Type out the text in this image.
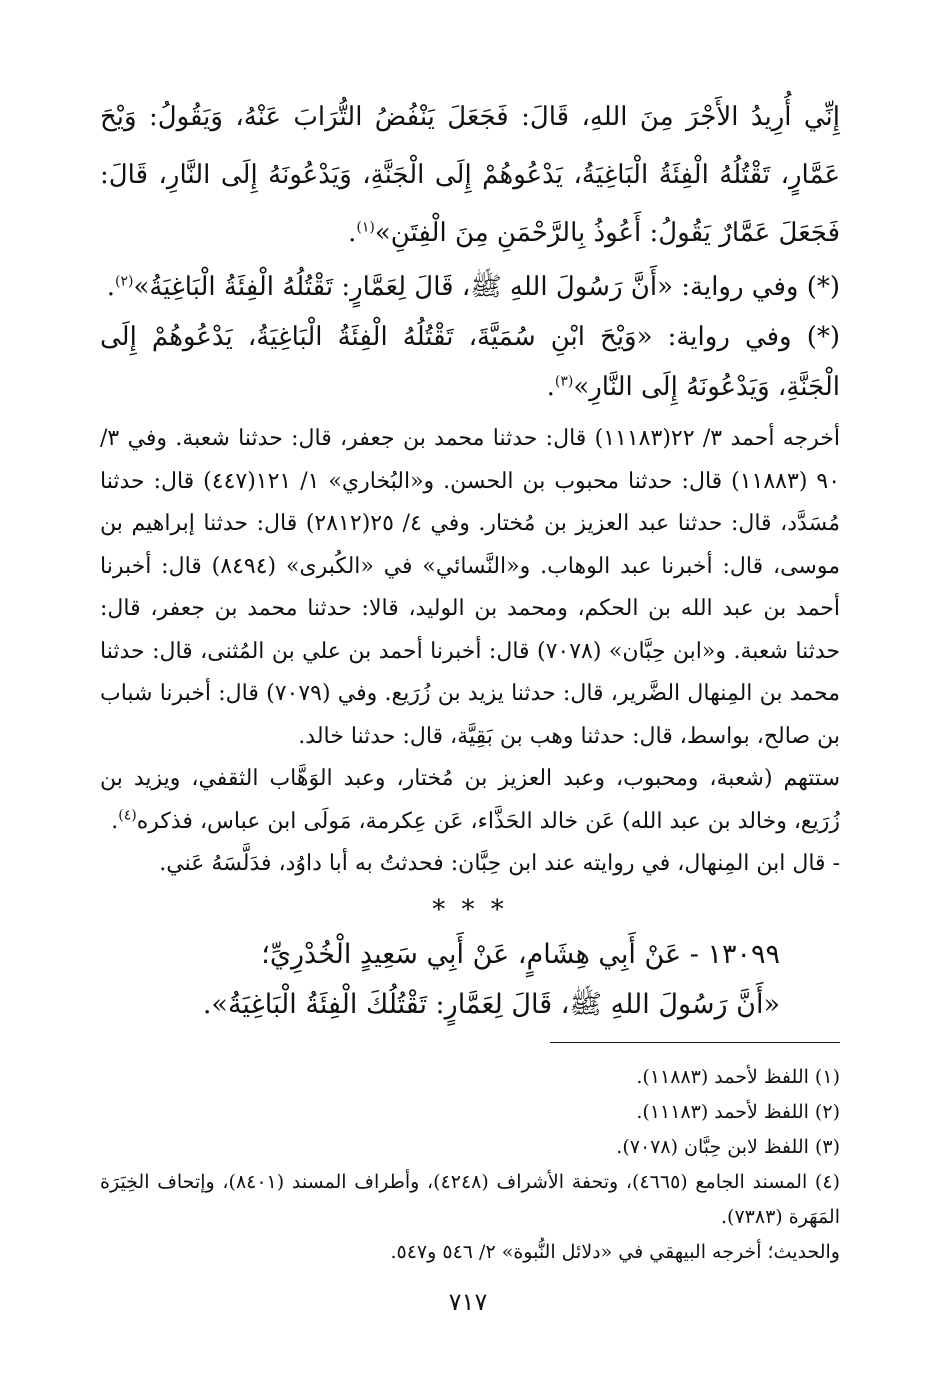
إِنِّي أُرِيدُ الأَجْرَ مِنَ اللهِ، قَالَ: فَجَعَلَ يَنْفُضُ التُّرَابَ عَنْهُ، وَيَقُولُ: وَيْحَ عَمَّارٍ، تَقْتُلُهُ الْفِئَةُ الْبَاغِيَةُ، يَدْعُوهُمْ إِلَى الْجَنَّةِ، وَيَدْعُونَهُ إِلَى النَّارِ، قَالَ: فَجَعَلَ عَمَّارٌ يَقُولُ: أَعُوذُ بِالرَّحْمَنِ مِنَ الْفِتَنِ»$^{(١)}$.

(*) وفي رواية: «أَنَّ رَسُولَ اللهِ ﷺ، قَالَ لِعَمَّارٍ: تَقْتُلُهُ الْفِئَةُ الْبَاغِيَةُ»$^{(٢)}$.

(*) وفي رواية: «وَيْحَ ابْنِ سُمَيَّةَ، تَقْتُلُهُ الْفِئَةُ الْبَاغِيَةُ، يَدْعُوهُمْ إِلَى الْجَنَّةِ، وَيَدْعُونَهُ إِلَى النَّارِ»$^{(٣)}$.

أخرجه أحمد ٣/ ٢٢(١١١٨٣) قال: حدثنا محمد بن جعفر، قال: حدثنا شعبة. وفي ٣/ ٩٠ (١١٨٨٣) قال: حدثنا محبوب بن الحسن. و«البُخاري» ١/ ١٢١(٤٤٧) قال: حدثنا مُسَدَّد، قال: حدثنا عبد العزيز بن مُختار. وفي ٤/ ٢٥(٢٨١٢) قال: حدثنا إبراهيم بن موسى، قال: أخبرنا عبد الوهاب. و«النَّسائي» في «الكُبرى» (٨٤٩٤) قال: أخبرنا أحمد بن عبد الله بن الحكم، ومحمد بن الوليد، قالا: حدثنا محمد بن جعفر، قال: حدثنا شعبة. و«ابن حِبَّان» (٧٠٧٨) قال: أخبرنا أحمد بن علي بن المُثنى، قال: حدثنا محمد بن المِنهال الضَّرير، قال: حدثنا يزيد بن زُرَيع. وفي (٧٠٧٩) قال: أخبرنا شباب بن صالح، بواسط، قال: حدثنا وهب بن بَقِيَّة، قال: حدثنا خالد.

ستتهم (شعبة، ومحبوب، وعبد العزيز بن مُختار، وعبد الوَهَّاب الثقفي، ويزيد بن زُرَيع، وخالد بن عبد الله) عَن خالد الحَذَّاء، عَن عِكرمة، مَولَى ابن عباس، فذكره$^{(٤)}$.

- قال ابن المِنهال، في روايته عند ابن حِبَّان: فحدثتُ به أبا داوُد، فدَلَّسَهُ عَني.

* * *

١٣٠٩٩ - عَنْ أَبِي هِشَامٍ، عَنْ أَبِي سَعِيدٍ الْخُدْرِيِّ؛

«أَنَّ رَسُولَ اللهِ ﷺ، قَالَ لِعَمَّارٍ: تَقْتُلُكَ الْفِئَةُ الْبَاغِيَةُ».

(١) اللفظ لأحمد (١١٨٨٣).
(٢) اللفظ لأحمد (١١١٨٣).
(٣) اللفظ لابن حِبَّان (٧٠٧٨).
(٤) المسند الجامع (٤٦٦٥)، وتحفة الأشراف (٤٢٤٨)، وأطراف المسند (٨٤٠١)، وإتحاف الخِيَرَة المَهَرة (٧٣٨٣).
والحديث؛ أخرجه البيهقي في «دلائل النُّبوة» ٢/ ٥٤٦ و٥٤٧.
٧١٧
